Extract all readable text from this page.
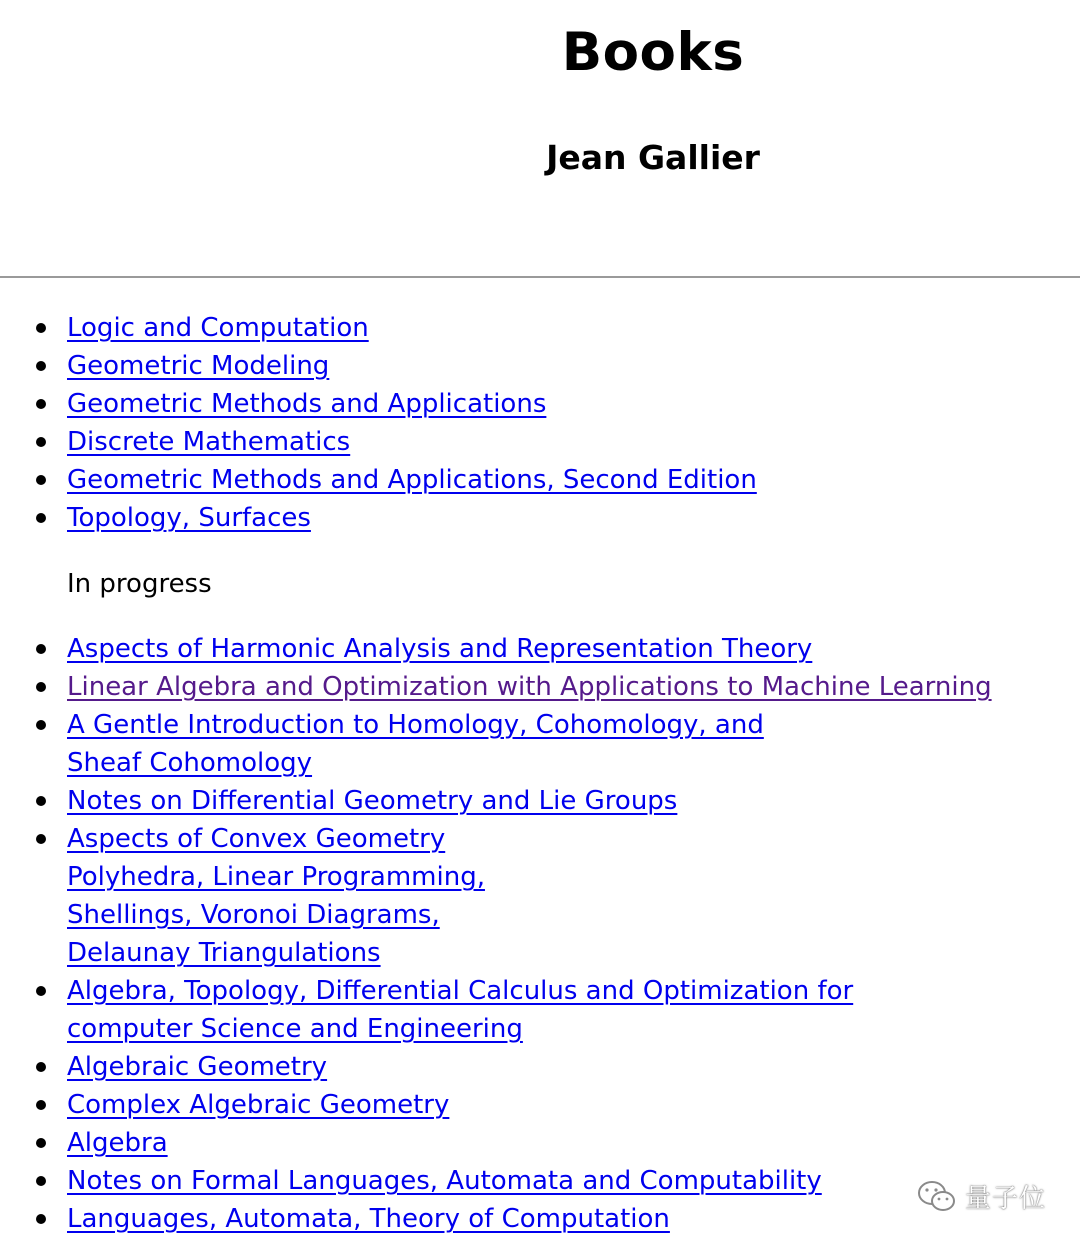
Books
Jean Gallier
Logic and Computation
Geometric Modeling
Geometric Methods and Applications
Discrete Mathematics
Geometric Methods and Applications, Second Edition
Topology, Surfaces

In progress

Aspects of Harmonic Analysis and Representation Theory
Linear Algebra and Optimization with Applications to Machine Learning
A Gentle Introduction to Homology, Cohomology, and
Sheaf Cohomology
Notes on Differential Geometry and Lie Groups
Aspects of Convex Geometry
Polyhedra, Linear Programming,
Shellings, Voronoi Diagrams,
Delaunay Triangulations
Algebra, Topology, Differential Calculus and Optimization for
computer Science and Engineering
Algebraic Geometry
Complex Algebraic Geometry
Algebra
Notes on Formal Languages, Automata and Computability
Languages, Automata, Theory of Computation
量子位
